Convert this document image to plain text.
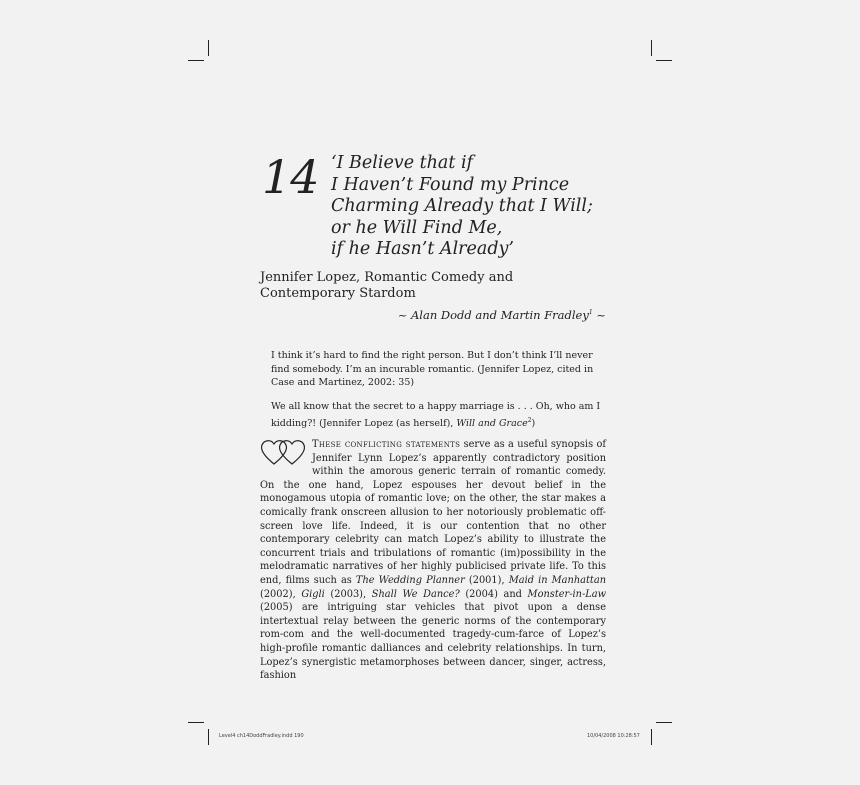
14 ‘I Believe that if
I Haven’t Found my Prince
Charming Already that I Will;
or he Will Find Me,
if he Hasn’t Already’
Jennifer Lopez, Romantic Comedy and Contemporary Stardom
~ Alan Dodd and Martin Fradley$^1$ ~
I think it’s hard to find the right person. But I don’t think I’ll never find somebody. I’m an incurable romantic. (Jennifer Lopez, cited in Case and Martinez, 2002: 35)
We all know that the secret to a happy marriage is . . . Oh, who am I kidding?! (Jennifer Lopez (as herself), Will and Grace$^2$)
These conflicting statements serve as a useful synopsis of Jennifer Lynn Lopez’s apparently contradictory position within the amorous generic terrain of romantic comedy. On the one hand, Lopez espouses her devout belief in the monogamous utopia of romantic love; on the other, the star makes a comically frank onscreen allusion to her notoriously problematic off-screen love life. Indeed, it is our contention that no other contemporary celebrity can match Lopez’s ability to illustrate the concurrent trials and tribulations of romantic (im)possibility in the melodramatic narratives of her highly publicised private life. To this end, films such as The Wedding Planner (2001), Maid in Manhattan (2002), Gigli (2003), Shall We Dance? (2004) and Monster-in-Law (2005) are intriguing star vehicles that pivot upon a dense intertextual relay between the generic norms of the contemporary rom-com and the well-documented tragedy-cum-farce of Lopez’s high-profile romantic dalliances and celebrity relationships. In turn, Lopez’s synergistic metamorphoses between dancer, singer, actress, fashion
Level4 ch14DoddFradley.indd 190	10/04/2008 10:28:57
